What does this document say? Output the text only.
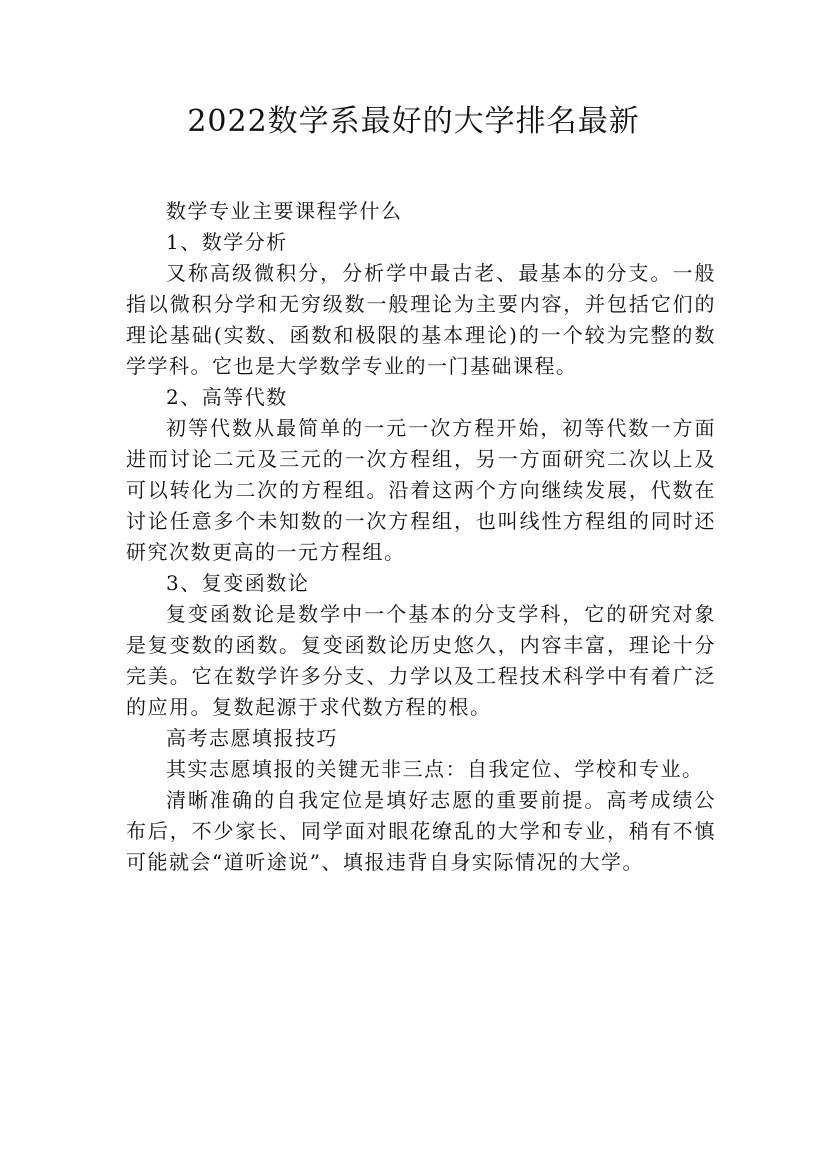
2022数学系最好的大学排名最新

数学专业主要课程学什么

1、数学分析

又称高级微积分，分析学中最古老、最基本的分支。一般指以微积分学和无穷级数一般理论为主要内容，并包括它们的理论基础(实数、函数和极限的基本理论)的一个较为完整的数学学科。它也是大学数学专业的一门基础课程。

2、高等代数

初等代数从最简单的一元一次方程开始，初等代数一方面进而讨论二元及三元的一次方程组，另一方面研究二次以上及可以转化为二次的方程组。沿着这两个方向继续发展，代数在讨论任意多个未知数的一次方程组，也叫线性方程组的同时还研究次数更高的一元方程组。

3、复变函数论

复变函数论是数学中一个基本的分支学科，它的研究对象是复变数的函数。复变函数论历史悠久，内容丰富，理论十分完美。它在数学许多分支、力学以及工程技术科学中有着广泛的应用。复数起源于求代数方程的根。

高考志愿填报技巧

其实志愿填报的关键无非三点：自我定位、学校和专业。

清晰准确的自我定位是填好志愿的重要前提。高考成绩公布后，不少家长、同学面对眼花缭乱的大学和专业，稍有不慎可能就会“道听途说”、填报违背自身实际情况的大学。
